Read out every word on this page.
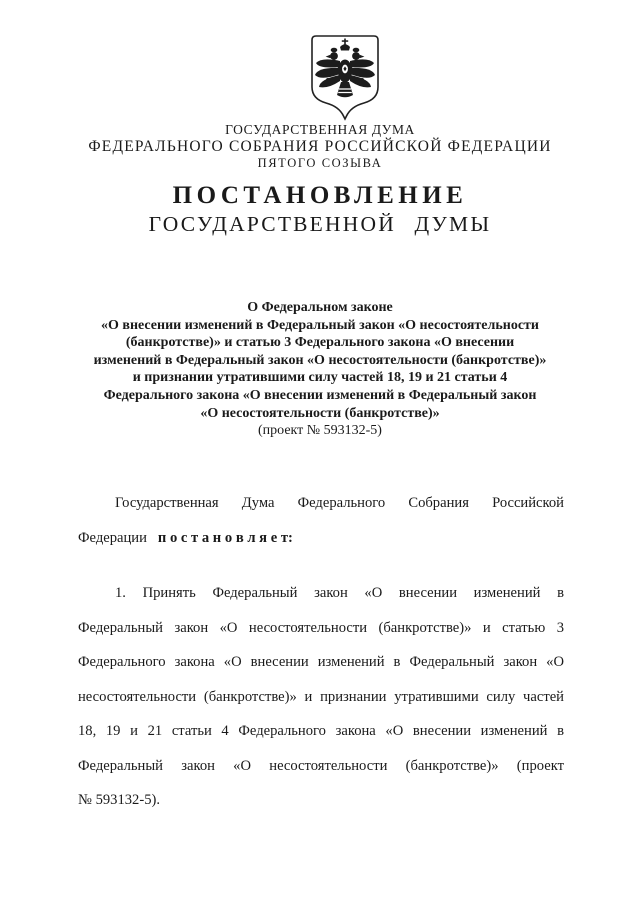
ГОСУДАРСТВЕННАЯ ДУМА
ФЕДЕРАЛЬНОГО СОБРАНИЯ РОССИЙСКОЙ ФЕДЕРАЦИИ
ПЯТОГО СОЗЫВА
ПОСТАНОВЛЕНИЕ
ГОСУДАРСТВЕННОЙ ДУМЫ
О Федеральном законе
«О внесении изменений в Федеральный закон «О несостоятельности
(банкротстве)» и статью 3 Федерального закона «О внесении
изменений в Федеральный закон «О несостоятельности (банкротстве)»
и признании утратившими силу частей 18, 19 и 21 статьи 4
Федерального закона «О внесении изменений в Федеральный закон
«О несостоятельности (банкротстве)»
(проект № 593132-5)
Государственная Дума Федерального Собрания Российской
Федерации п о с т а н о в л я е т:
1. Принять Федеральный закон «О внесении изменений в
Федеральный закон «О несостоятельности (банкротстве)» и статью 3
Федерального закона «О внесении изменений в Федеральный закон «О
несостоятельности (банкротстве)» и признании утратившими силу частей
18, 19 и 21 статьи 4 Федерального закона «О внесении изменений в
Федеральный закон «О несостоятельности (банкротстве)» (проект
№ 593132-5).
